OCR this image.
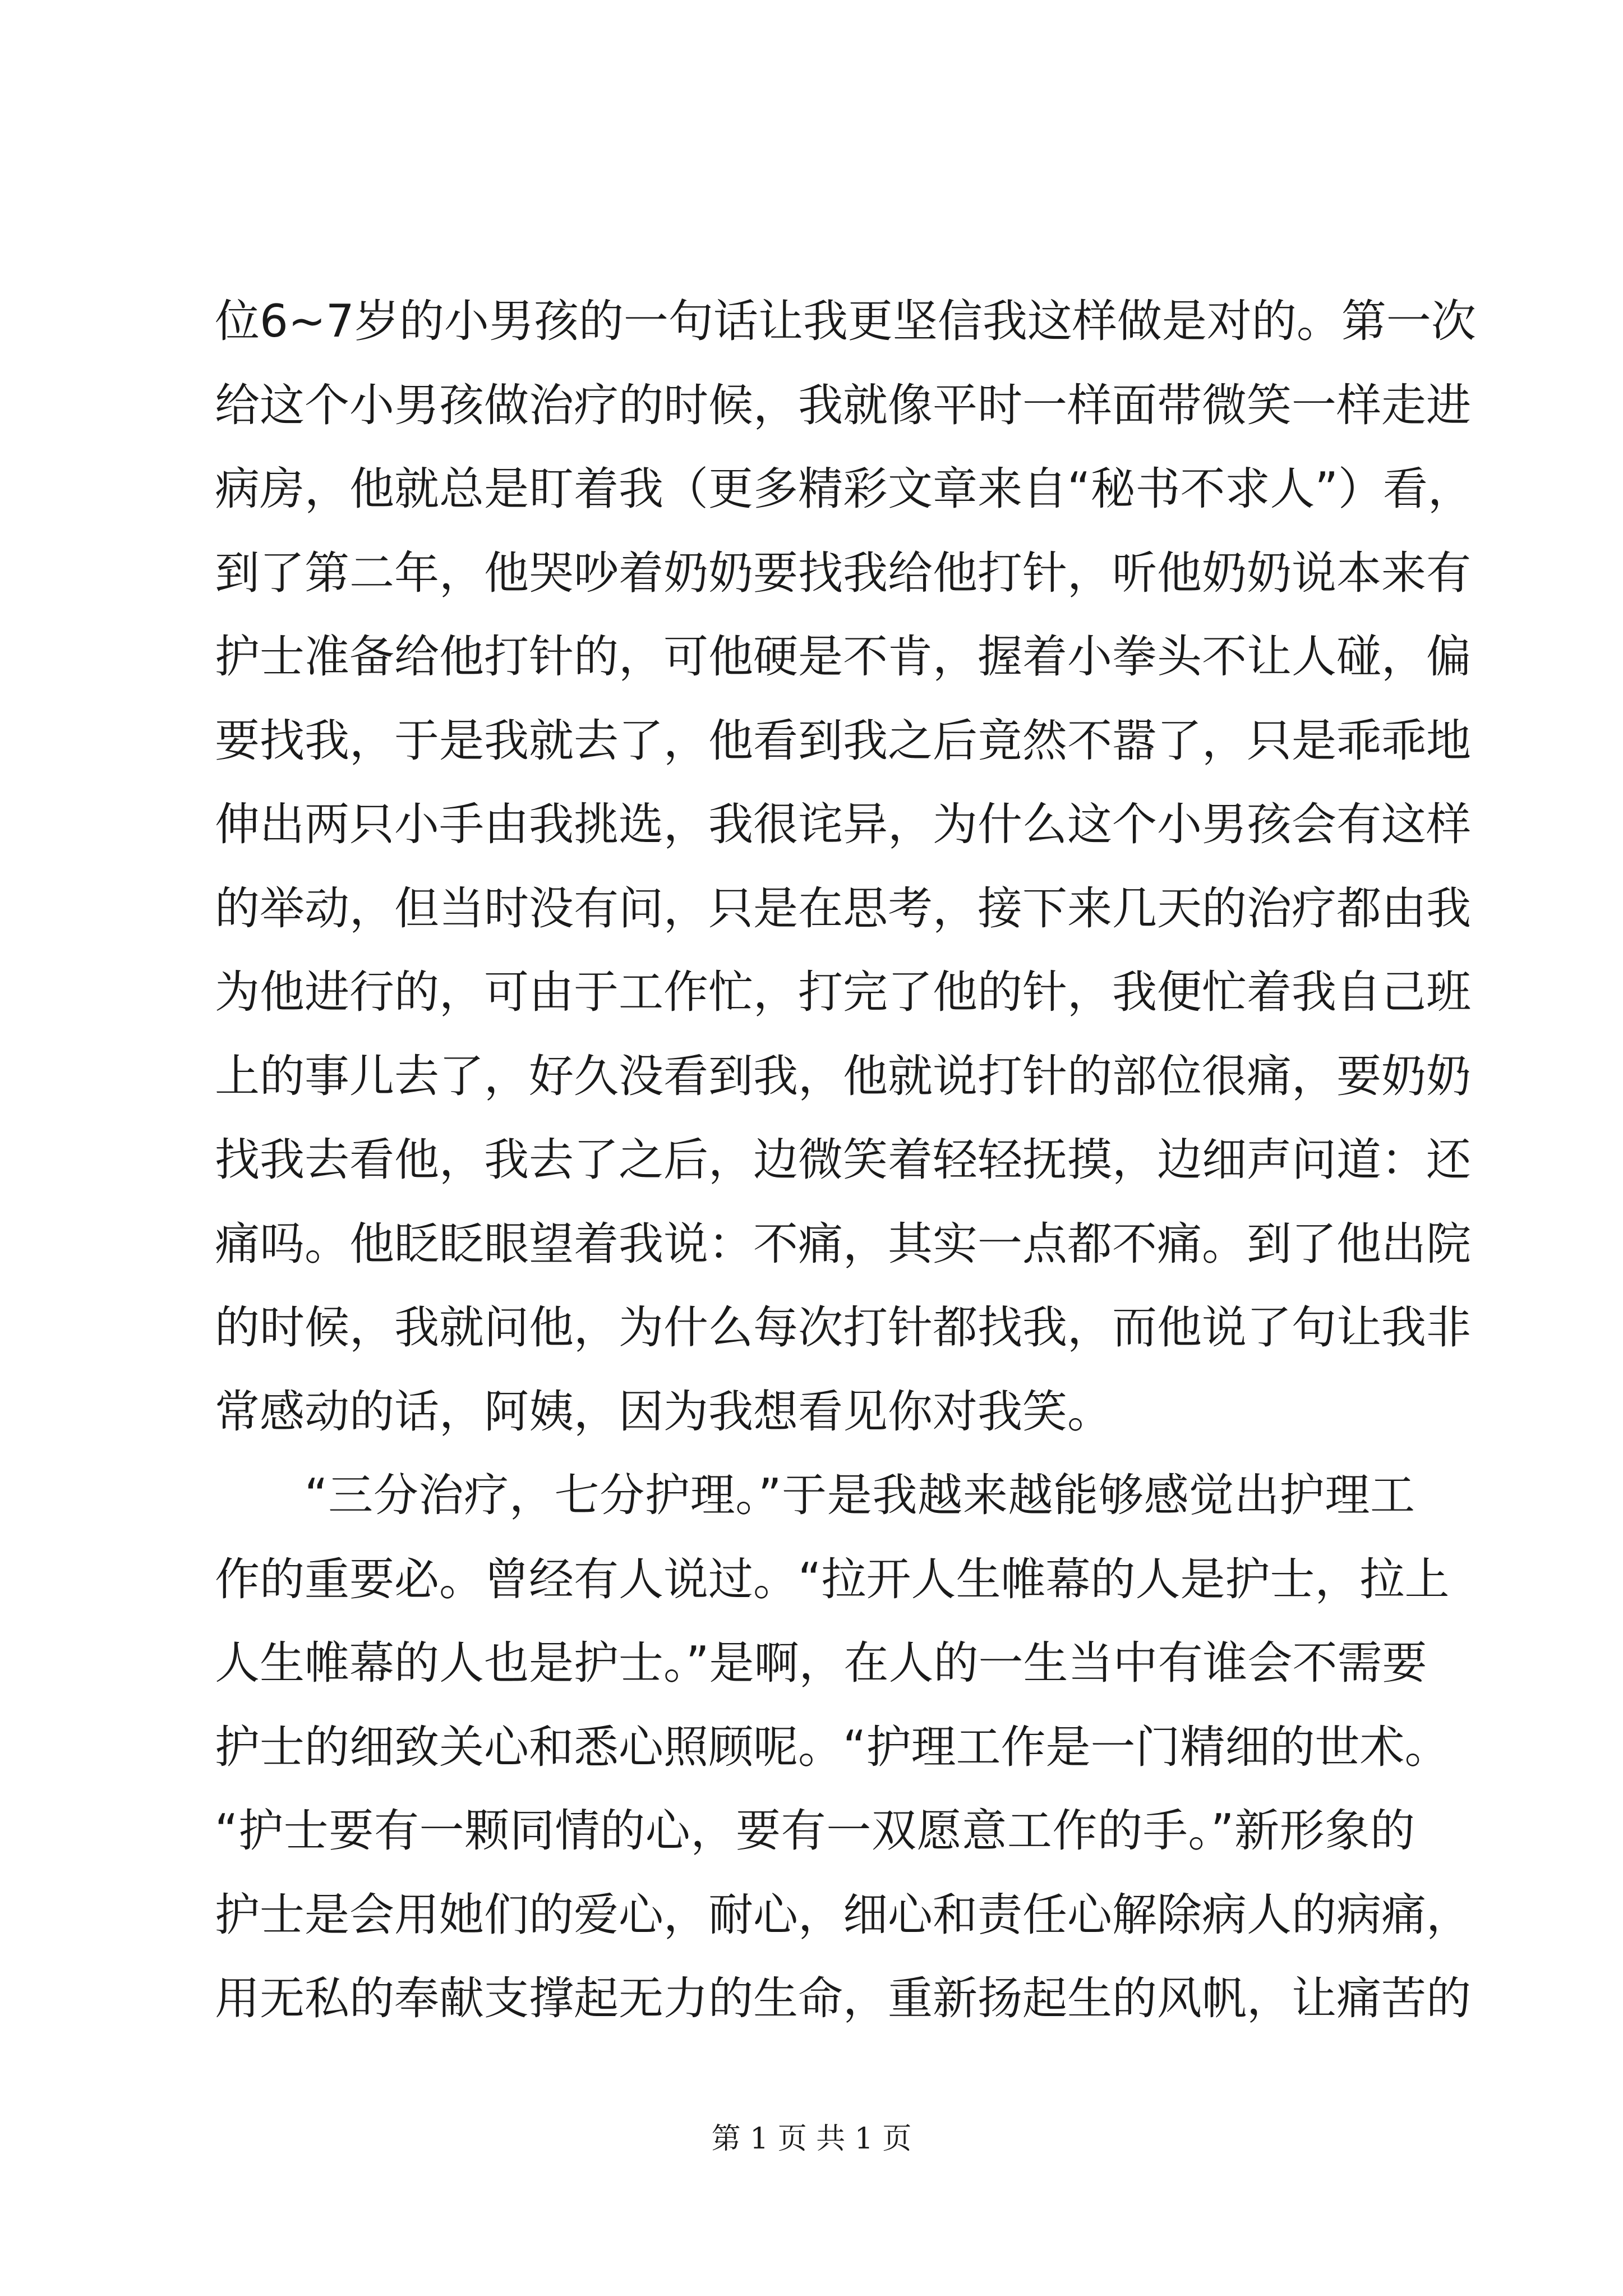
位6~7岁的小男孩的一句话让我更坚信我这样做是对的。第一次
给这个小男孩做治疗的时候，我就像平时一样面带微笑一样走进
病房，他就总是盯着我（更多精彩文章来自“秘书不求人”）看，
到了第二年，他哭吵着奶奶要找我给他打针，听他奶奶说本来有
护士准备给他打针的，可他硬是不肯，握着小拳头不让人碰，偏
要找我，于是我就去了，他看到我之后竟然不嚣了，只是乖乖地
伸出两只小手由我挑选，我很诧异，为什么这个小男孩会有这样
的举动，但当时没有问，只是在思考，接下来几天的治疗都由我
为他进行的，可由于工作忙，打完了他的针，我便忙着我自己班
上的事儿去了，好久没看到我，他就说打针的部位很痛，要奶奶
找我去看他，我去了之后，边微笑着轻轻抚摸，边细声问道：还
痛吗。他眨眨眼望着我说：不痛，其实一点都不痛。到了他出院
的时候，我就问他，为什么每次打针都找我，而他说了句让我非
常感动的话，阿姨，因为我想看见你对我笑。
“三分治疗，七分护理。”于是我越来越能够感觉出护理工
作的重要必。曾经有人说过。“拉开人生帷幕的人是护士，拉上
人生帷幕的人也是护士。”是啊，在人的一生当中有谁会不需要
护士的细致关心和悉心照顾呢。“护理工作是一门精细的世术。
“护士要有一颗同情的心，要有一双愿意工作的手。”新形象的
护士是会用她们的爱心，耐心，细心和责任心解除病人的病痛，
用无私的奉献支撑起无力的生命，重新扬起生的风帆，让痛苦的
第 1 页 共 1 页
